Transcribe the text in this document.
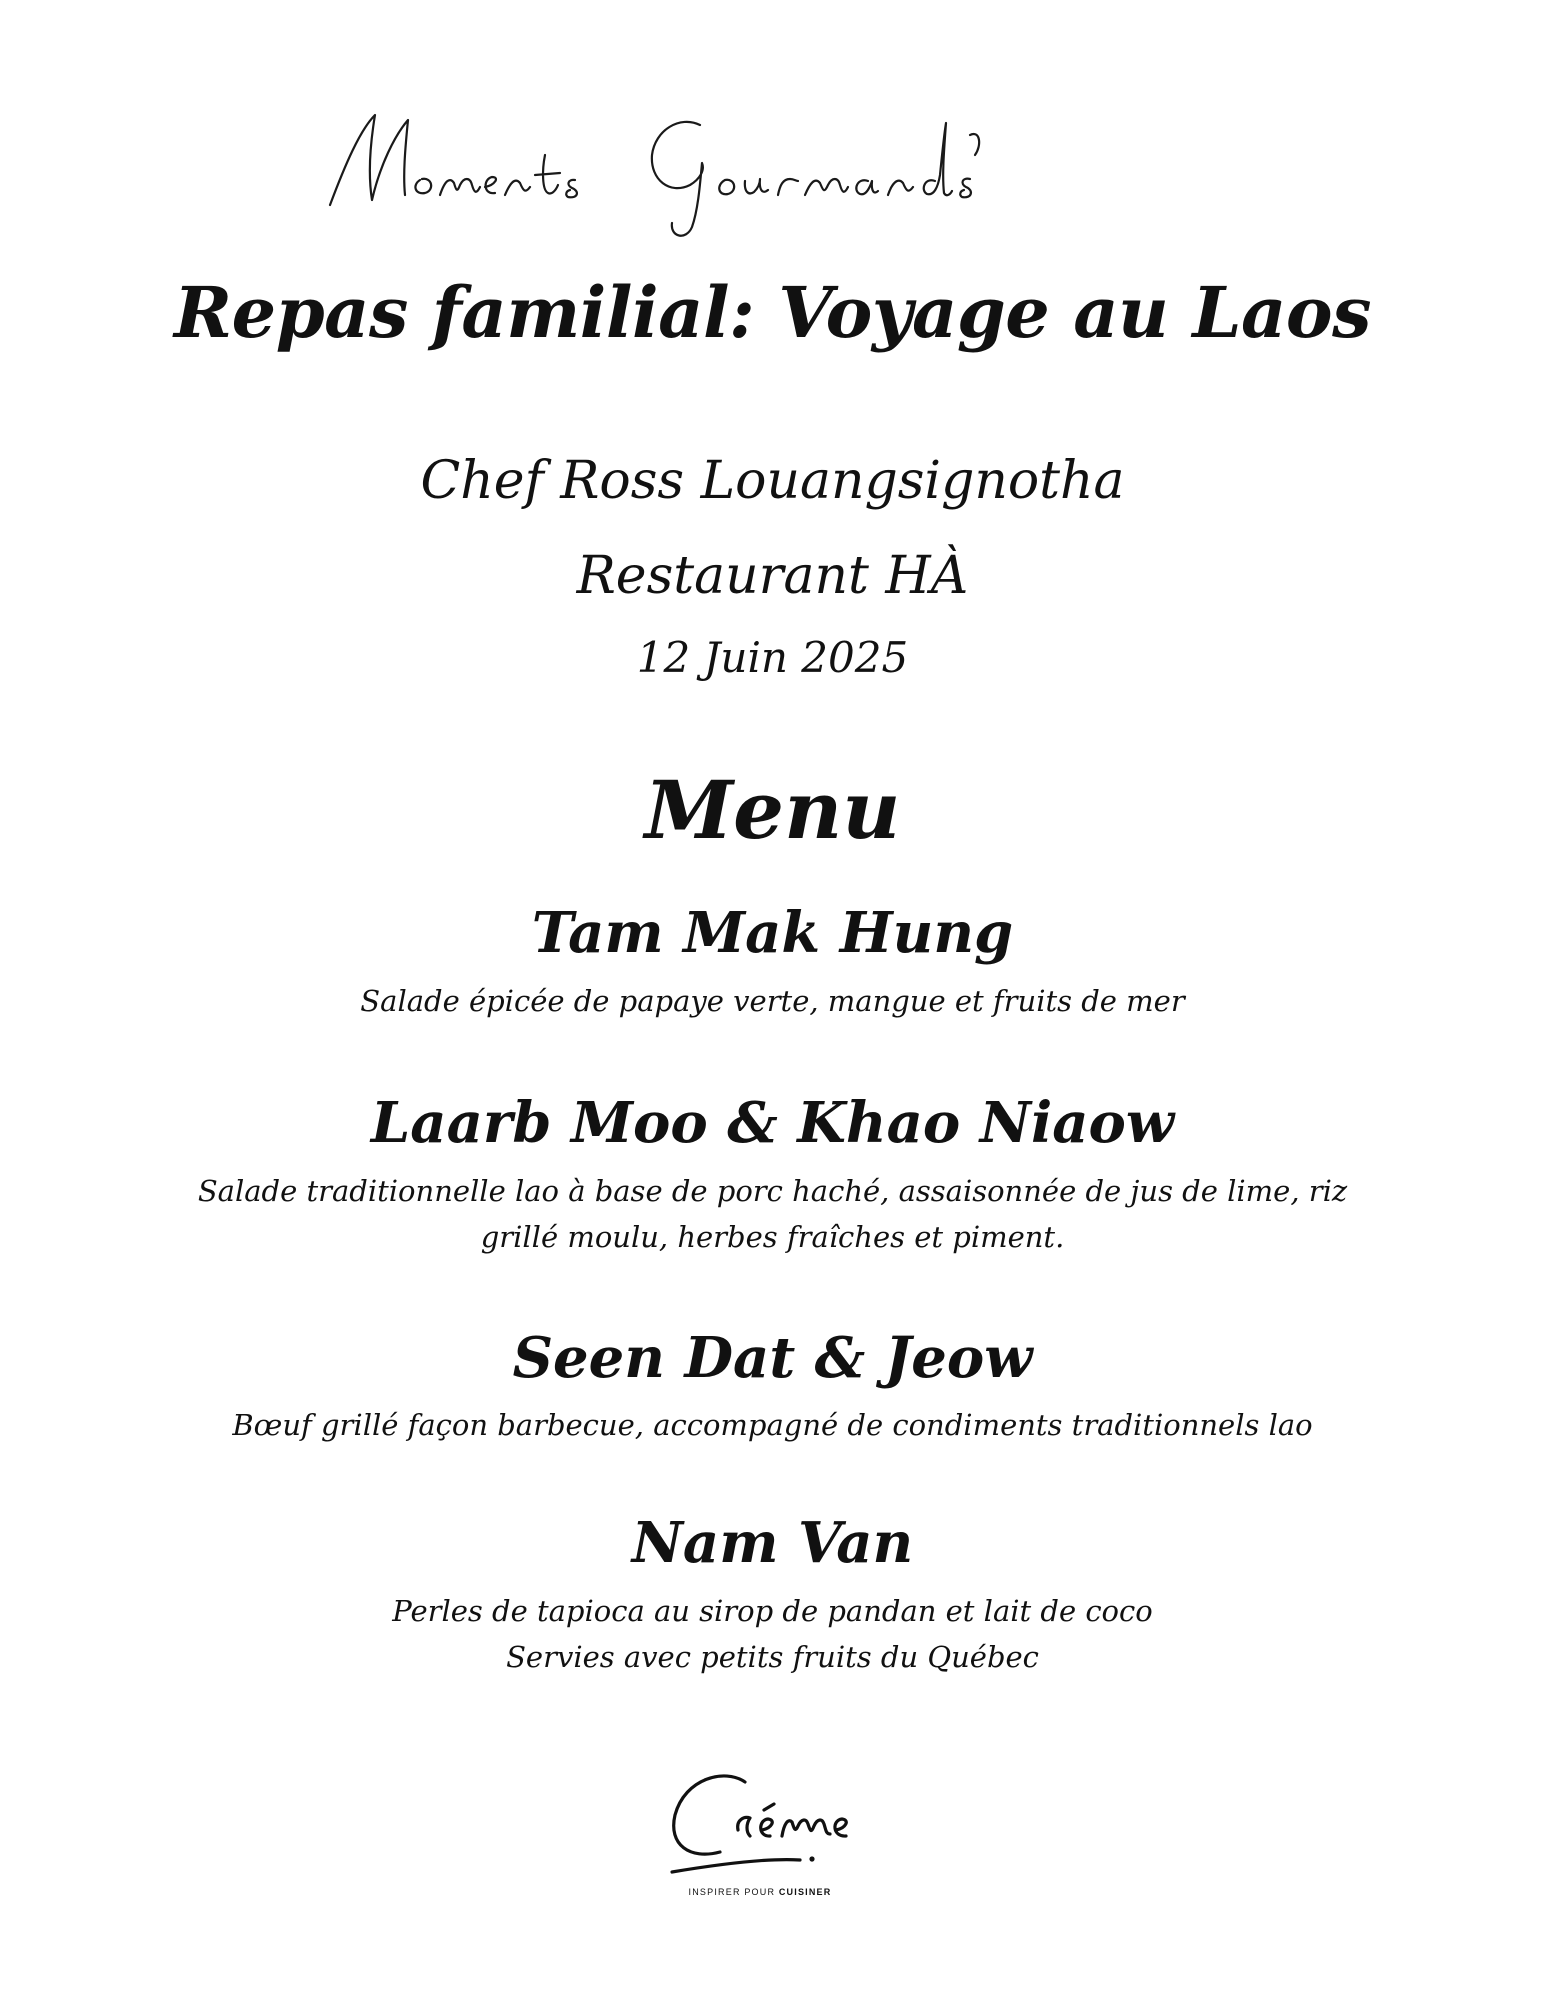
Repas familial: Voyage au Laos
Chef Ross Louangsignotha
Restaurant HÀ
12 Juin 2025
Menu
Tam Mak Hung
Salade épicée de papaye verte, mangue et fruits de mer
Laarb Moo & Khao Niaow
Salade traditionnelle lao à base de porc haché, assaisonnée de jus de lime, riz
grillé moulu, herbes fraîches et piment.
Seen Dat & Jeow
Bœuf grillé façon barbecue, accompagné de condiments traditionnels lao
Nam Van
Perles de tapioca au sirop de pandan et lait de coco
Servies avec petits fruits du Québec
INSPIRER POUR CUISINER
